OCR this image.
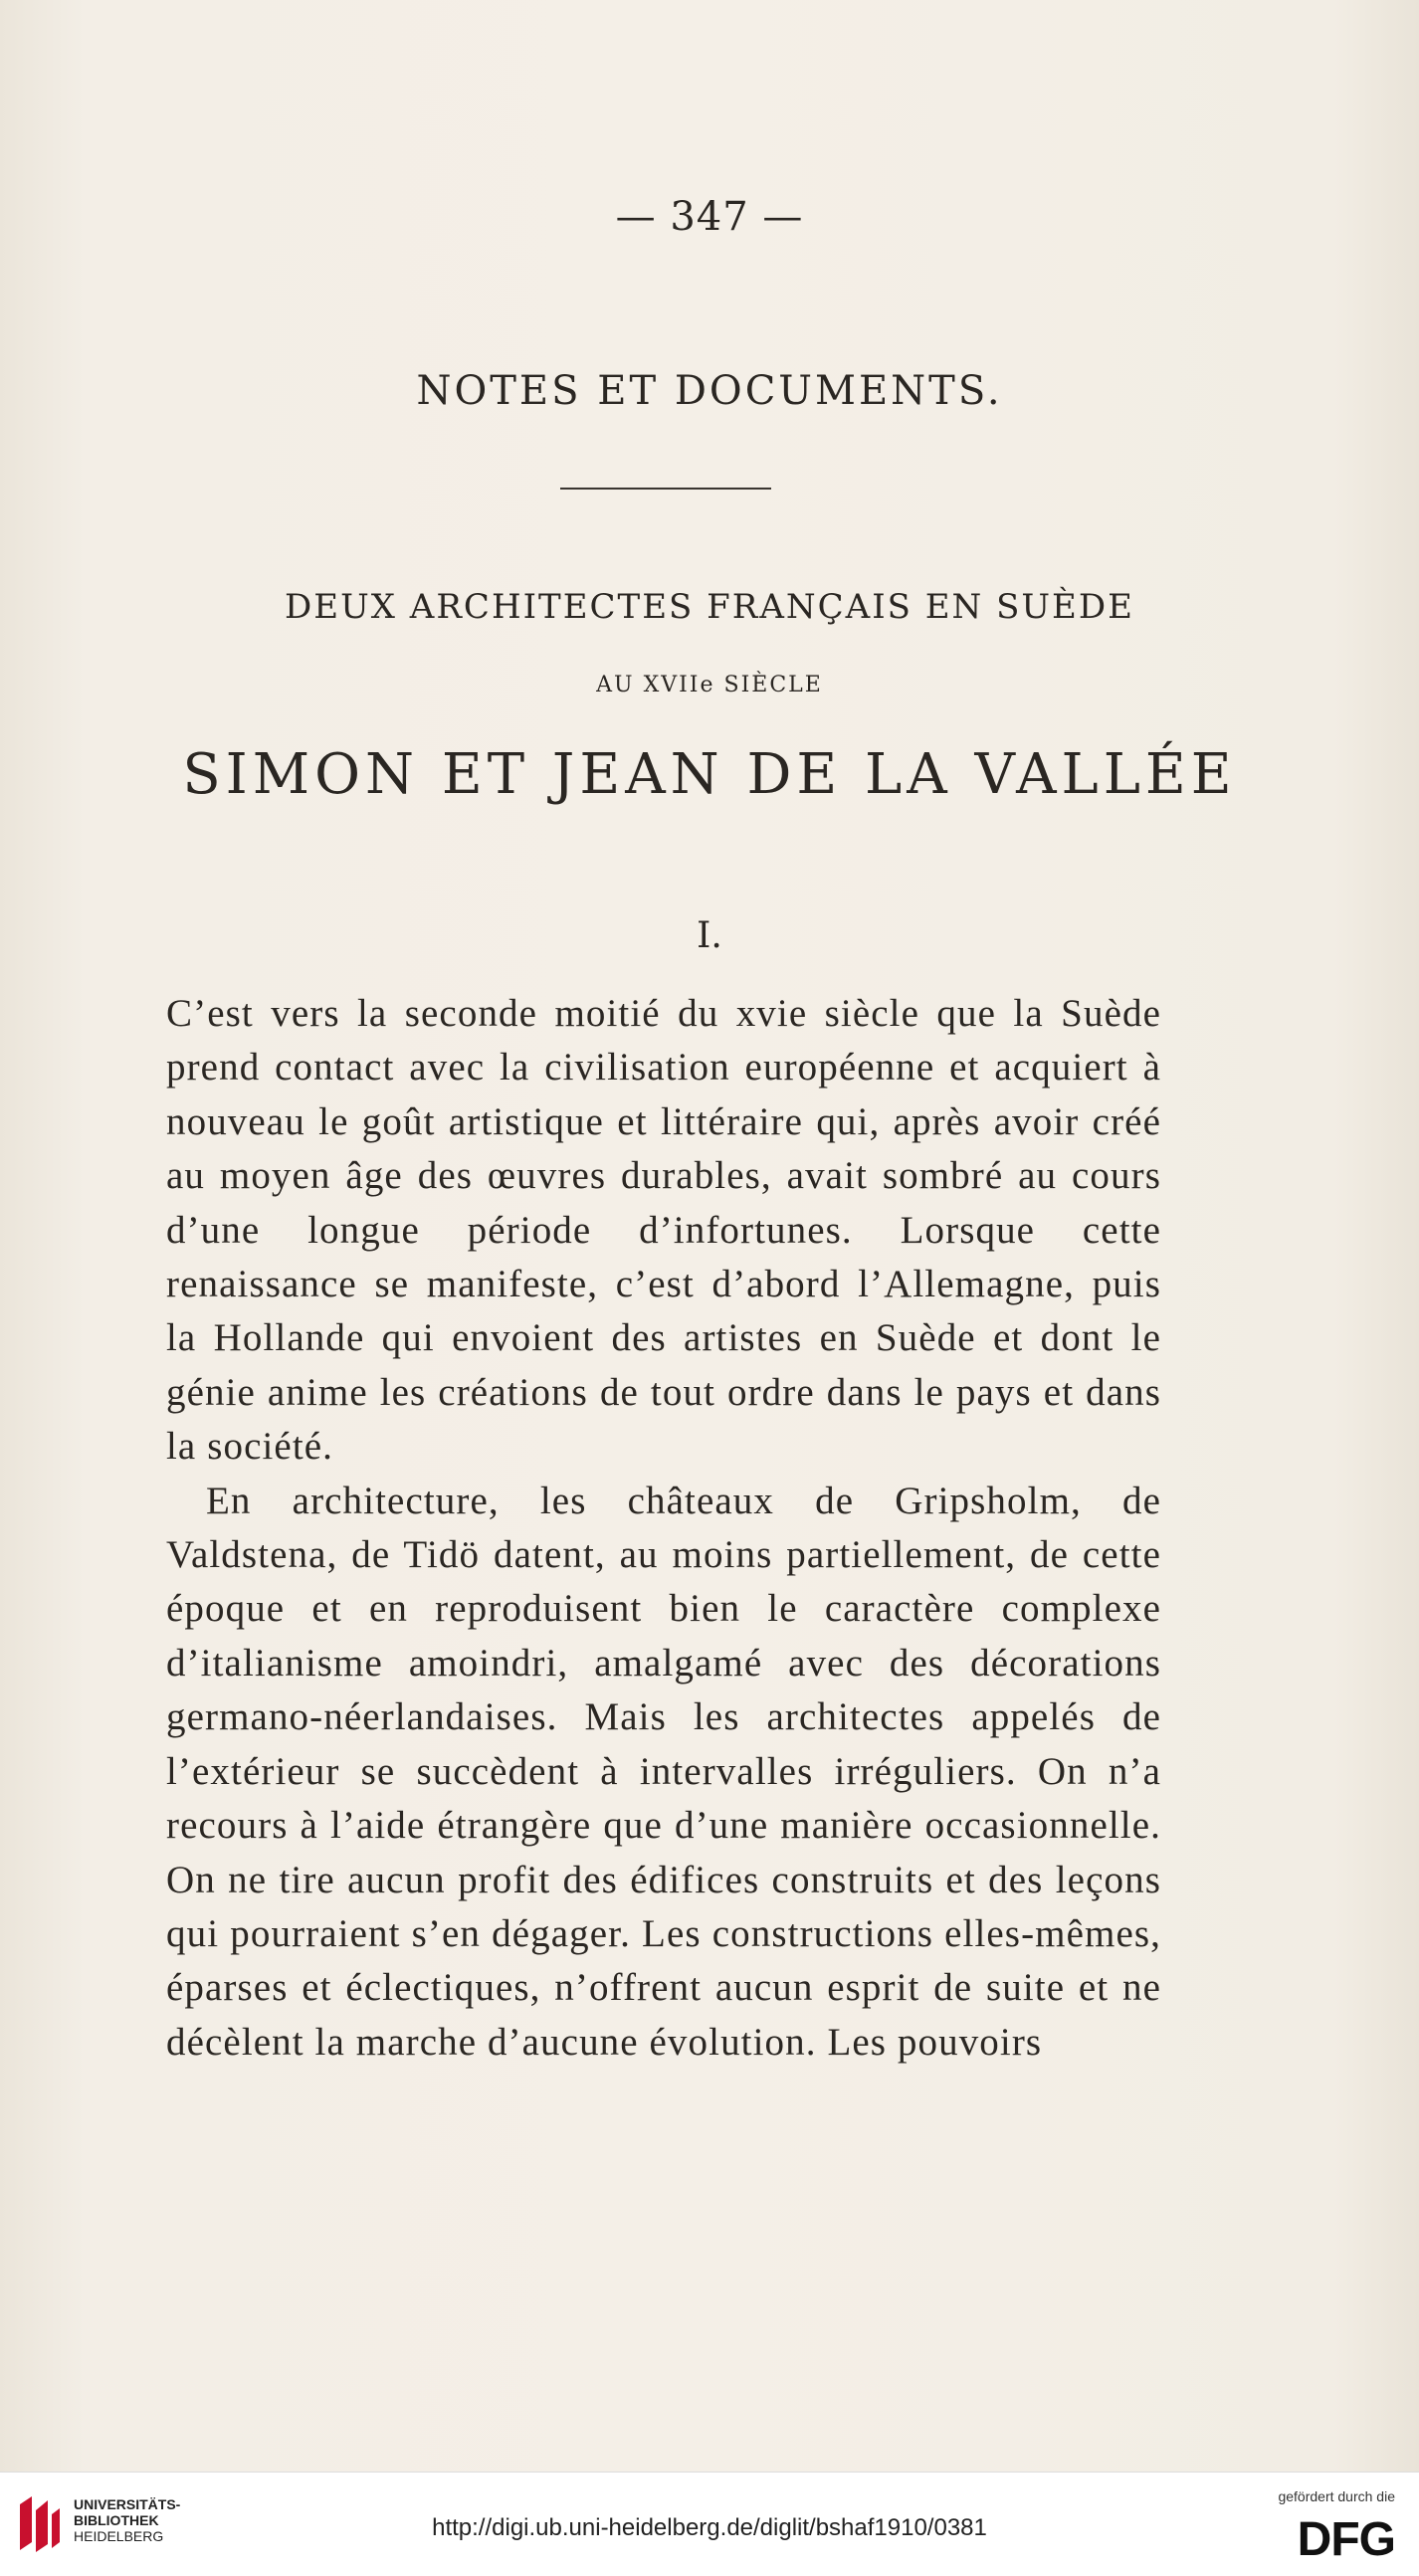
— 347 —
NOTES ET DOCUMENTS.
DEUX ARCHITECTES FRANÇAIS EN SUÈDE
AU XVIIe SIÈCLE
SIMON ET JEAN DE LA VALLÉE
I.

C’est vers la seconde moitié du xvie siècle que la Suède prend contact avec la civilisation européenne et acquiert à nouveau le goût artistique et littéraire qui, après avoir créé au moyen âge des œuvres durables, avait sombré au cours d’une longue période d’infortunes. Lorsque cette renaissance se manifeste, c’est d’abord l’Allemagne, puis la Hollande qui envoient des artistes en Suède et dont le génie anime les créations de tout ordre dans le pays et dans la société.

En architecture, les châteaux de Gripsholm, de Valdstena, de Tidö datent, au moins partiellement, de cette époque et en reproduisent bien le caractère complexe d’italianisme amoindri, amalgamé avec des décorations germano-néerlandaises. Mais les architectes appelés de l’extérieur se succèdent à intervalles irréguliers. On n’a recours à l’aide étrangère que d’une manière occasionnelle. On ne tire aucun profit des édifices construits et des leçons qui pourraient s’en dégager. Les constructions elles-mêmes, éparses et éclectiques, n’offrent aucun esprit de suite et ne décèlent la marche d’aucune évolution. Les pouvoirs

UNIVERSITÄTS-
BIBLIOTHEK
HEIDELBERG	http://digi.ub.uni-heidelberg.de/diglit/bshaf1910/0381
gefördert durch die
DFG
